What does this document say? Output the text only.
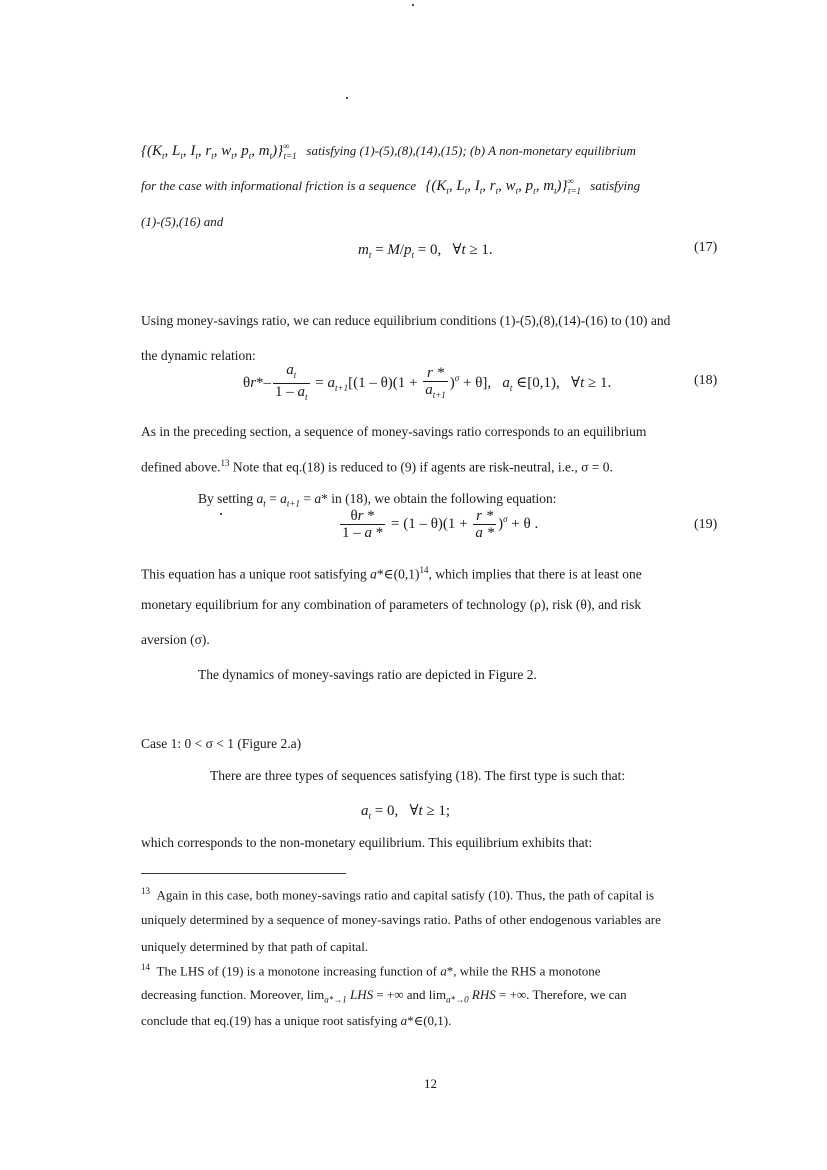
{($K_t$, $L_t$, $I_t$, $r_t$, $w_t$, $p_t$, $m_t)\}^\infty_{t=1}$ satisfying (1)-(5),(8),(14),(15); (b) A non-monetary equilibrium
for the case with informational friction is a sequence {($K_t$, $L_t$, $I_t$, $r_t$, $w_t$, $p_t$, $m_t)\}^\infty_{t=1}$ satisfying
(1)-(5),(16) and
$m_t = M/p_t = 0$,   ∀t ≥ 1.	(17)
Using money-savings ratio, we can reduce equilibrium conditions (1)-(5),(8),(14)-(16) to (10) and
the dynamic relation:
$\theta r*- \frac{a_t}{1 - a_t} = a_{t+1}[(1 - \theta)(1 + \frac{r *}{a_{t+1}} )^\sigma + \theta]$,   $a_t$ ∈[0,1),   ∀t ≥ 1.	(18)
As in the preceding section, a sequence of money-savings ratio corresponds to an equilibrium
defined above.$^{13}$ Note that eq.(18) is reduced to (9) if agents are risk-neutral, i.e., σ = 0.
By setting $a_t = a_{t+1} = a*$ in (18), we obtain the following equation:
$\frac{\theta r *}{1 - a *} = (1 - \theta)(1 + \frac{r *}{a *} )^\sigma + \theta$ .	(19)
This equation has a unique root satisfying $a*\in(0,1)^{14}$, which implies that there is at least one
monetary equilibrium for any combination of parameters of technology (ρ), risk (θ), and risk
aversion (σ).
The dynamics of money-savings ratio are depicted in Figure 2.
Case 1: 0 < σ < 1 (Figure 2.a)
There are three types of sequences satisfying (18). The first type is such that:
$a_t = 0$,   ∀t ≥ 1;
which corresponds to the non-monetary equilibrium. This equilibrium exhibits that:
$^{13}$ Again in this case, both money-savings ratio and capital satisfy (10). Thus, the path of capital is
uniquely determined by a sequence of money-savings ratio. Paths of other endogenous variables are
uniquely determined by that path of capital.
$^{14}$  The LHS of (19) is a monotone increasing function of a*, while the RHS a monotone
decreasing function. Moreover, $\lim_{a*\to 1}$ LHS = +∞ and $\lim_{a*\to 0}$ RHS = +∞. Therefore, we can
conclude that eq.(19) has a unique root satisfying a*∈(0,1).
12
